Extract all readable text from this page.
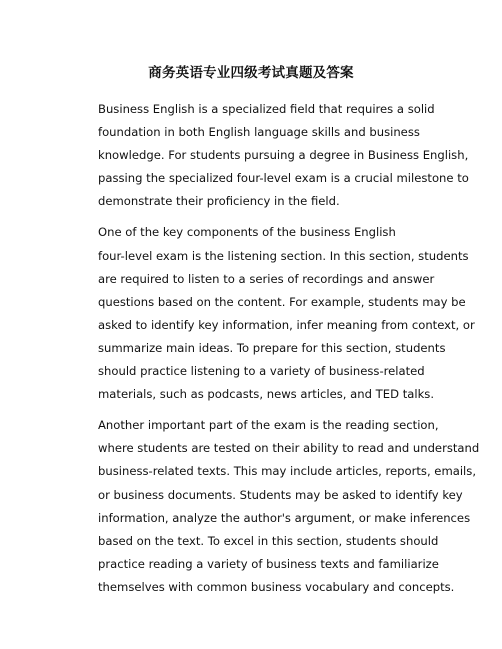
商务英语专业四级考试真题及答案

Business English is a specialized field that requires a solid
foundation in both English language skills and business
knowledge. For students pursuing a degree in Business English,
passing the specialized four-level exam is a crucial milestone to
demonstrate their proficiency in the field.

One of the key components of the business English
four-level exam is the listening section. In this section, students
are required to listen to a series of recordings and answer
questions based on the content. For example, students may be
asked to identify key information, infer meaning from context, or
summarize main ideas. To prepare for this section, students
should practice listening to a variety of business-related
materials, such as podcasts, news articles, and TED talks.

Another important part of the exam is the reading section,
where students are tested on their ability to read and understand
business-related texts. This may include articles, reports, emails,
or business documents. Students may be asked to identify key
information, analyze the author's argument, or make inferences
based on the text. To excel in this section, students should
practice reading a variety of business texts and familiarize
themselves with common business vocabulary and concepts.
